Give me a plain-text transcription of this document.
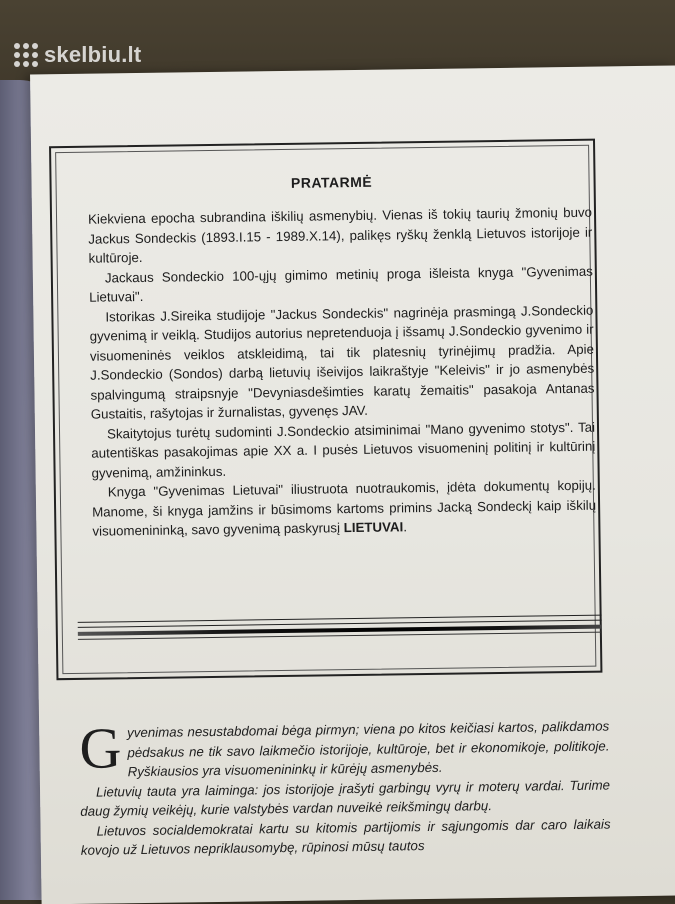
PRATARMĖ

Kiekviena epocha subrandina iškilių asmenybių. Vienas iš tokių taurių žmonių buvo Jackus Sondeckis (1893.I.15 - 1989.X.14), palikęs ryškų ženklą Lietuvos istorijoje ir kultūroje.

Jackaus Sondeckio 100-ųjų gimimo metinių proga išleista knyga "Gyvenimas Lietuvai".

Istorikas J.Sireika studijoje "Jackus Sondeckis" nagrinėja prasmingą J.Sondeckio gyvenimą ir veiklą. Studijos autorius nepretenduoja į išsamų J.Sondeckio gyvenimo ir visuomeninės veiklos atskleidimą, tai tik platesnių tyrinėjimų pradžia. Apie J.Sondeckio (Sondos) darbą lietuvių išeivijos laikraštyje "Keleivis" ir jo asmenybės spalvingumą straipsnyje "Devyniasdešimties karatų žemaitis" pasakoja Antanas Gustaitis, rašytojas ir žurnalistas, gyvenęs JAV.

Skaitytojus turėtų sudominti J.Sondeckio atsiminimai "Mano gyvenimo stotys". Tai autentiškas pasakojimas apie XX a. I pusės Lietuvos visuomeninį politinį ir kultūrinį gyvenimą, amžininkus.

Knyga "Gyvenimas Lietuvai" iliustruota nuotraukomis, įdėta dokumentų kopijų. Manome, ši knyga jamžins ir būsimoms kartoms primins Jacką Sondeckį kaip iškilų visuomenininką, savo gyvenimą paskyrusį LIETUVAI.

Gyvenimas nesustabdomai bėga pirmyn; viena po kitos keičiasi kartos, palikdamos pėdsakus ne tik savo laikmečio istorijoje, kultūroje, bet ir ekonomikoje, politikoje. Ryškiausios yra visuomenininkų ir kūrėjų asmenybės.

Lietuvių tauta yra laiminga: jos istorijoje įrašyti garbingų vyrų ir moterų vardai. Turime daug žymių veikėjų, kurie valstybės vardan nuveikė reikšmingų darbų.

Lietuvos socialdemokratai kartu su kitomis partijomis ir sąjungomis dar caro laikais kovojo už Lietuvos nepriklausomybę, rūpinosi mūsų tautos

skelbiu.lt
